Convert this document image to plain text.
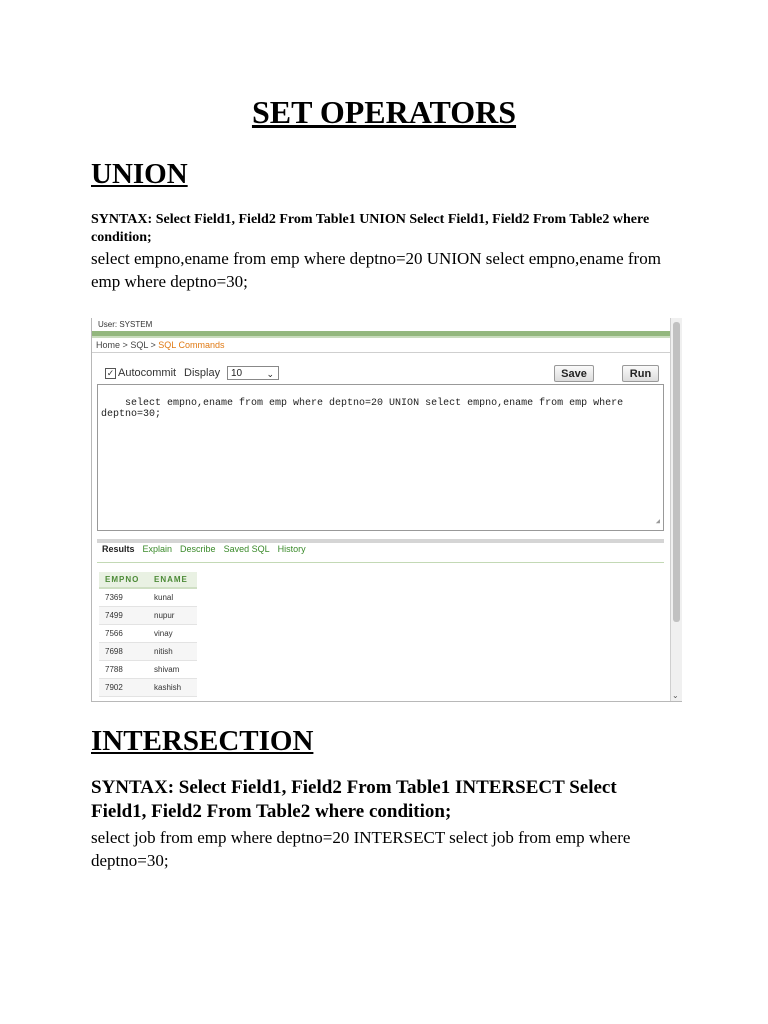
SET OPERATORS
UNION

SYNTAX: Select Field1, Field2 From Table1 UNION Select Field1, Field2 From Table2 where condition;

select empno,ename from emp where deptno=20 UNION select empno,ename from emp where deptno=30;

User: SYSTEM
Home > SQL > SQL Commands
✓ Autocommit Display	10	⌄	Save	Run

select empno,ename from emp where deptno=20 UNION select empno,ename from emp where deptno=30;

◢

Results Explain Describe Saved SQL History
EMPNO	ENAME
7369	kunal
7499	nupur
7566	vinay
7698	nitish
7788	shivam
7902	kashish
⌄
INTERSECTION

SYNTAX: Select Field1, Field2 From Table1 INTERSECT Select Field1, Field2 From Table2 where condition;

select job from emp where deptno=20 INTERSECT select job from emp where deptno=30;
